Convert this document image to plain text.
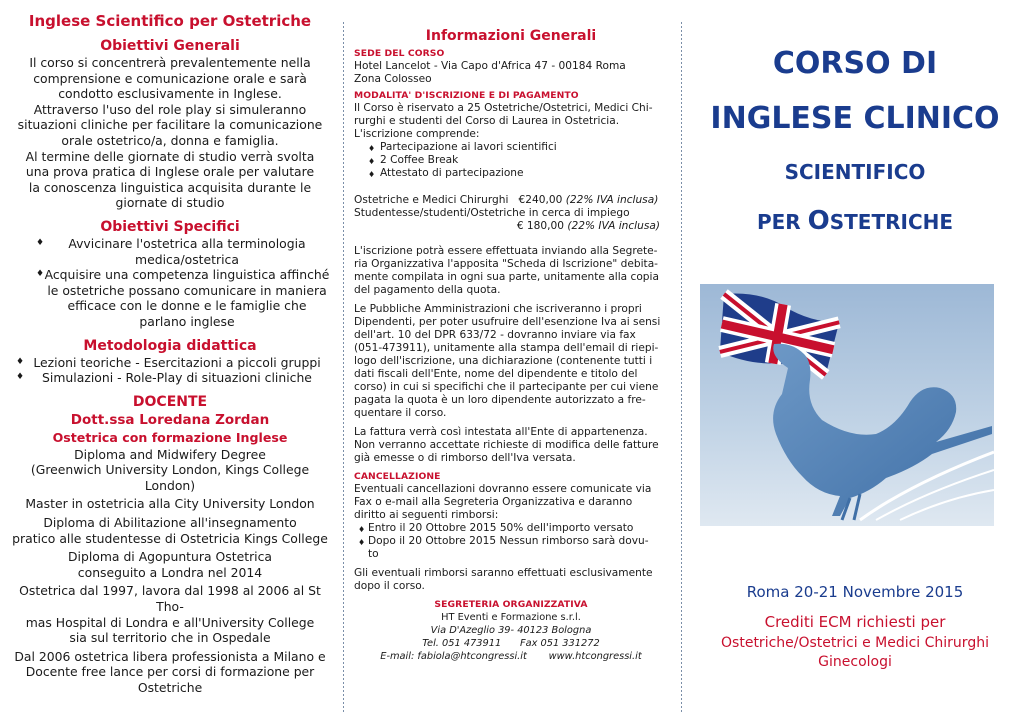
Inglese Scientifico per Ostetriche
Obiettivi Generali

Il corso si concentrerà prevalentemente nella

comprensione e comunicazione orale e sarà

condotto esclusivamente in Inglese.

Attraverso l'uso del role play si simuleranno

situazioni cliniche per facilitare la comunicazione

orale ostetrico/a, donna e famiglia.

Al termine delle giornate di studio verrà svolta

una prova pratica di Inglese orale per valutare

la conoscenza linguistica acquisita durante le

giornate di studio

Obiettivi Specifici
♦ Avvicinare l'ostetrica alla terminologia medica/ostetrica
♦ Acquisire una competenza linguistica affinché le ostetriche possano comunicare in maniera efficace con le donne e le famiglie che parlano inglese
Metodologia didattica
♦ Lezioni teoriche - Esercitazioni a piccoli gruppi
♦ Simulazioni - Role-Play di situazioni cliniche
DOCENTE
Dott.ssa Loredana Zordan
Ostetrica con formazione Inglese

Diploma and Midwifery Degree
(Greenwich University London, Kings College London)

Master in ostetricia alla City University London

Diploma di Abilitazione all'insegnamento
pratico alle studentesse di Ostetricia Kings College

Diploma di Agopuntura Ostetrica
conseguito a Londra nel 2014

Ostetrica dal 1997, lavora dal 1998 al 2006 al St Tho-
mas Hospital di Londra e all'University College
sia sul territorio che in Ospedale

Dal 2006 ostetrica libera professionista a Milano e
Docente free lance per corsi di formazione per
Ostetriche

Informazioni Generali
SEDE DEL CORSO

Hotel Lancelot - Via Capo d'Africa 47 - 00184 Roma

Zona Colosseo

MODALITA' D'ISCRIZIONE E DI PAGAMENTO

Il Corso è riservato a 25 Ostetriche/Ostetrici, Medici Chi-

rurghi e studenti del Corso di Laurea in Ostetricia.

L'iscrizione comprende:

♦ Partecipazione ai lavori scientifici
♦ 2 Coffee Break
♦ Attestato di partecipazione

Ostetriche e Medici Chirurghi €240,00 (22% IVA inclusa)

Studentesse/studenti/Ostetriche in cerca di impiego

€ 180,00 (22% IVA inclusa)

L'iscrizione potrà essere effettuata inviando alla Segrete-

ria Organizzativa l'apposita "Scheda di Iscrizione" debita-

mente compilata in ogni sua parte, unitamente alla copia

del pagamento della quota.

Le Pubbliche Amministrazioni che iscriveranno i propri

Dipendenti, per poter usufruire dell'esenzione Iva ai sensi

dell'art. 10 del DPR 633/72 - dovranno inviare via fax

(051-473911), unitamente alla stampa dell'email di riepi-

logo dell'iscrizione, una dichiarazione (contenente tutti i

dati fiscali dell'Ente, nome del dipendente e titolo del

corso) in cui si specifichi che il partecipante per cui viene

pagata la quota è un loro dipendente autorizzato a fre-

quentare il corso.

La fattura verrà così intestata all'Ente di appartenenza.

Non verranno accettate richieste di modifica delle fatture

già emesse o di rimborso dell'Iva versata.

CANCELLAZIONE

Eventuali cancellazioni dovranno essere comunicate via

Fax o e-mail alla Segreteria Organizzativa e daranno

diritto ai seguenti rimborsi:

♦ Entro il 20 Ottobre 2015 50% dell'importo versato
♦ Dopo il 20 Ottobre 2015 Nessun rimborso sarà dovu-
to

Gli eventuali rimborsi saranno effettuati esclusivamente

dopo il corso.

SEGRETERIA ORGANIZZATIVA
HT Eventi e Formazione s.r.l.
Via D'Azeglio 39- 40123 Bologna
Tel. 051 473911 Fax 051 331272
E-mail: fabiola@htcongressi.it www.htcongressi.it
CORSO DI
INGLESE CLINICO
SCIENTIFICO
PER OSTETRICHE
Roma 20-21 Novembre 2015
Crediti ECM richiesti per
Ostetriche/Ostetrici e Medici Chirurghi
Ginecologi
